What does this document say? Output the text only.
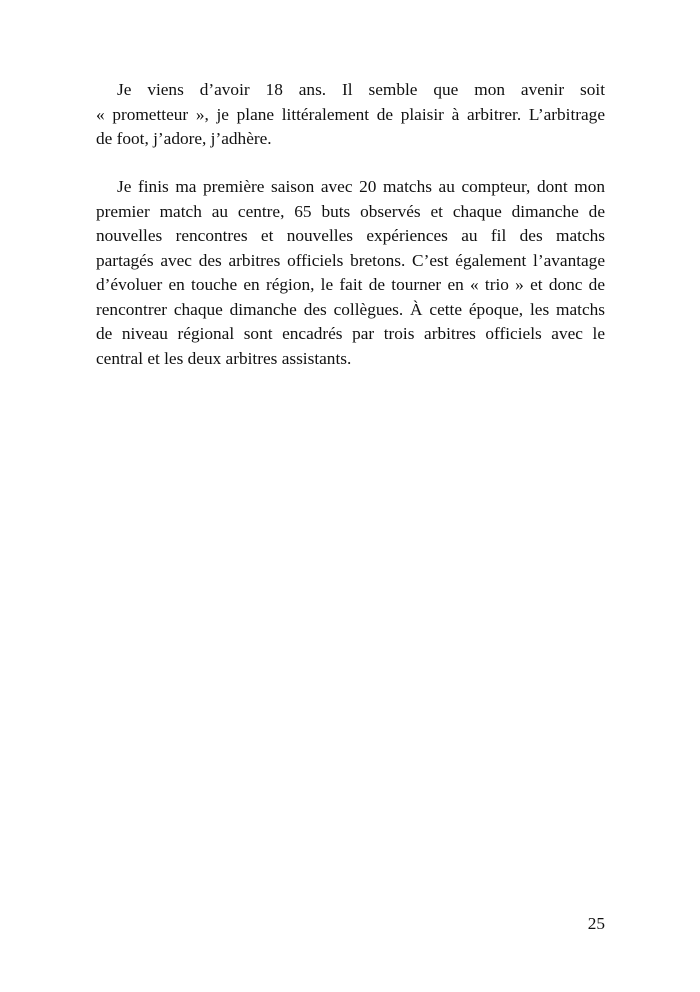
Je viens d’avoir 18 ans. Il semble que mon avenir soit
« prometteur », je plane littéralement de plaisir à arbitrer. L’arbitrage
de foot, j’adore, j’adhère.
Je finis ma première saison avec 20 matchs au compteur, dont mon
premier match au centre, 65 buts observés et chaque dimanche de
nouvelles rencontres et nouvelles expériences au fil des matchs
partagés avec des arbitres officiels bretons. C’est également l’avantage
d’évoluer en touche en région, le fait de tourner en « trio » et donc de
rencontrer chaque dimanche des collègues. À cette époque, les matchs
de niveau régional sont encadrés par trois arbitres officiels avec le
central et les deux arbitres assistants.
25
